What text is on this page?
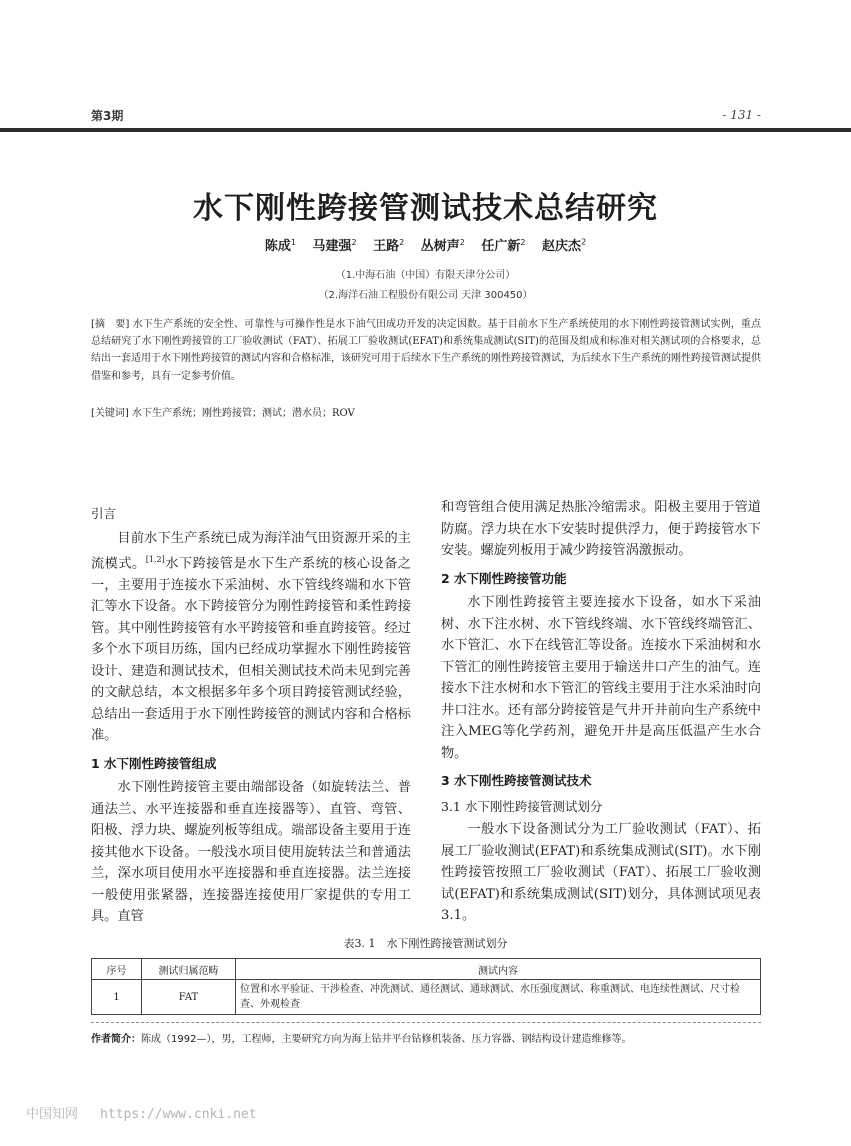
第3期	- 131 -
水下刚性跨接管测试技术总结研究
陈成$^1$ 马建强$^2$ 王路$^2$ 丛树声$^2$ 任广新$^2$ 赵庆杰$^2$
（1.中海石油（中国）有限天津分公司）
（2.海洋石油工程股份有限公司 天津 300450）
[摘　要] 水下生产系统的安全性、可靠性与可操作性是水下油气田成功开发的决定因数。基于目前水下生产系统使用的水下刚性跨接管测试实例，重点总结研究了水下刚性跨接管的工厂验收测试（FAT）、拓展工厂验收测试(EFAT)和系统集成测试(SIT)的范围及组成和标准对相关测试项的合格要求，总结出一套适用于水下刚性跨接管的测试内容和合格标准，该研究可用于后续水下生产系统的刚性跨接管测试，为后续水下生产系统的刚性跨接管测试提供借鉴和参考，具有一定参考价值。
[关键词] 水下生产系统；刚性跨接管；测试；潜水员；ROV
引言

目前水下生产系统已成为海洋油气田资源开采的主流模式。[1,2]水下跨接管是水下生产系统的核心设备之一，主要用于连接水下采油树、水下管线终端和水下管汇等水下设备。水下跨接管分为刚性跨接管和柔性跨接管。其中刚性跨接管有水平跨接管和垂直跨接管。经过多个水下项目历练，国内已经成功掌握水下刚性跨接管设计、建造和测试技术，但相关测试技术尚未见到完善的文献总结，本文根据多年多个项目跨接管测试经验，总结出一套适用于水下刚性跨接管的测试内容和合格标准。

1 水下刚性跨接管组成

水下刚性跨接管主要由端部设备（如旋转法兰、普通法兰、水平连接器和垂直连接器等）、直管、弯管、阳极、浮力块、螺旋列板等组成。端部设备主要用于连接其他水下设备。一般浅水项目使用旋转法兰和普通法兰，深水项目使用水平连接器和垂直连接器。法兰连接一般使用张紧器，连接器连接使用厂家提供的专用工具。直管

和弯管组合使用满足热胀冷缩需求。阳极主要用于管道防腐。浮力块在水下安装时提供浮力，便于跨接管水下安装。螺旋列板用于减少跨接管涡激振动。

2 水下刚性跨接管功能

水下刚性跨接管主要连接水下设备，如水下采油树、水下注水树、水下管线终端、水下管线终端管汇、水下管汇、水下在线管汇等设备。连接水下采油树和水下管汇的刚性跨接管主要用于输送井口产生的油气。连接水下注水树和水下管汇的管线主要用于注水采油时向井口注水。还有部分跨接管是气井开井前向生产系统中注入MEG等化学药剂，避免开井是高压低温产生水合物。

3 水下刚性跨接管测试技术
3.1 水下刚性跨接管测试划分

一般水下设备测试分为工厂验收测试（FAT）、拓展工厂验收测试(EFAT)和系统集成测试(SIT)。水下刚性跨接管按照工厂验收测试（FAT）、拓展工厂验收测试(EFAT)和系统集成测试(SIT)划分，具体测试项见表3.1。

表3. 1　水下刚性跨接管测试划分
序号	测试归属范畴	测试内容
1	FAT	位置和水平验证、干涉检查、冲洗测试、通径测试、通球测试、水压强度测试、称重测试、电连续性测试、尺寸检查、外观检查
作者简介：陈成（1992—），男，工程师，主要研究方向为海上钻井平台钻修机装备、压力容器、钢结构设计建造维修等。
中国知网 https://www.cnki.net
